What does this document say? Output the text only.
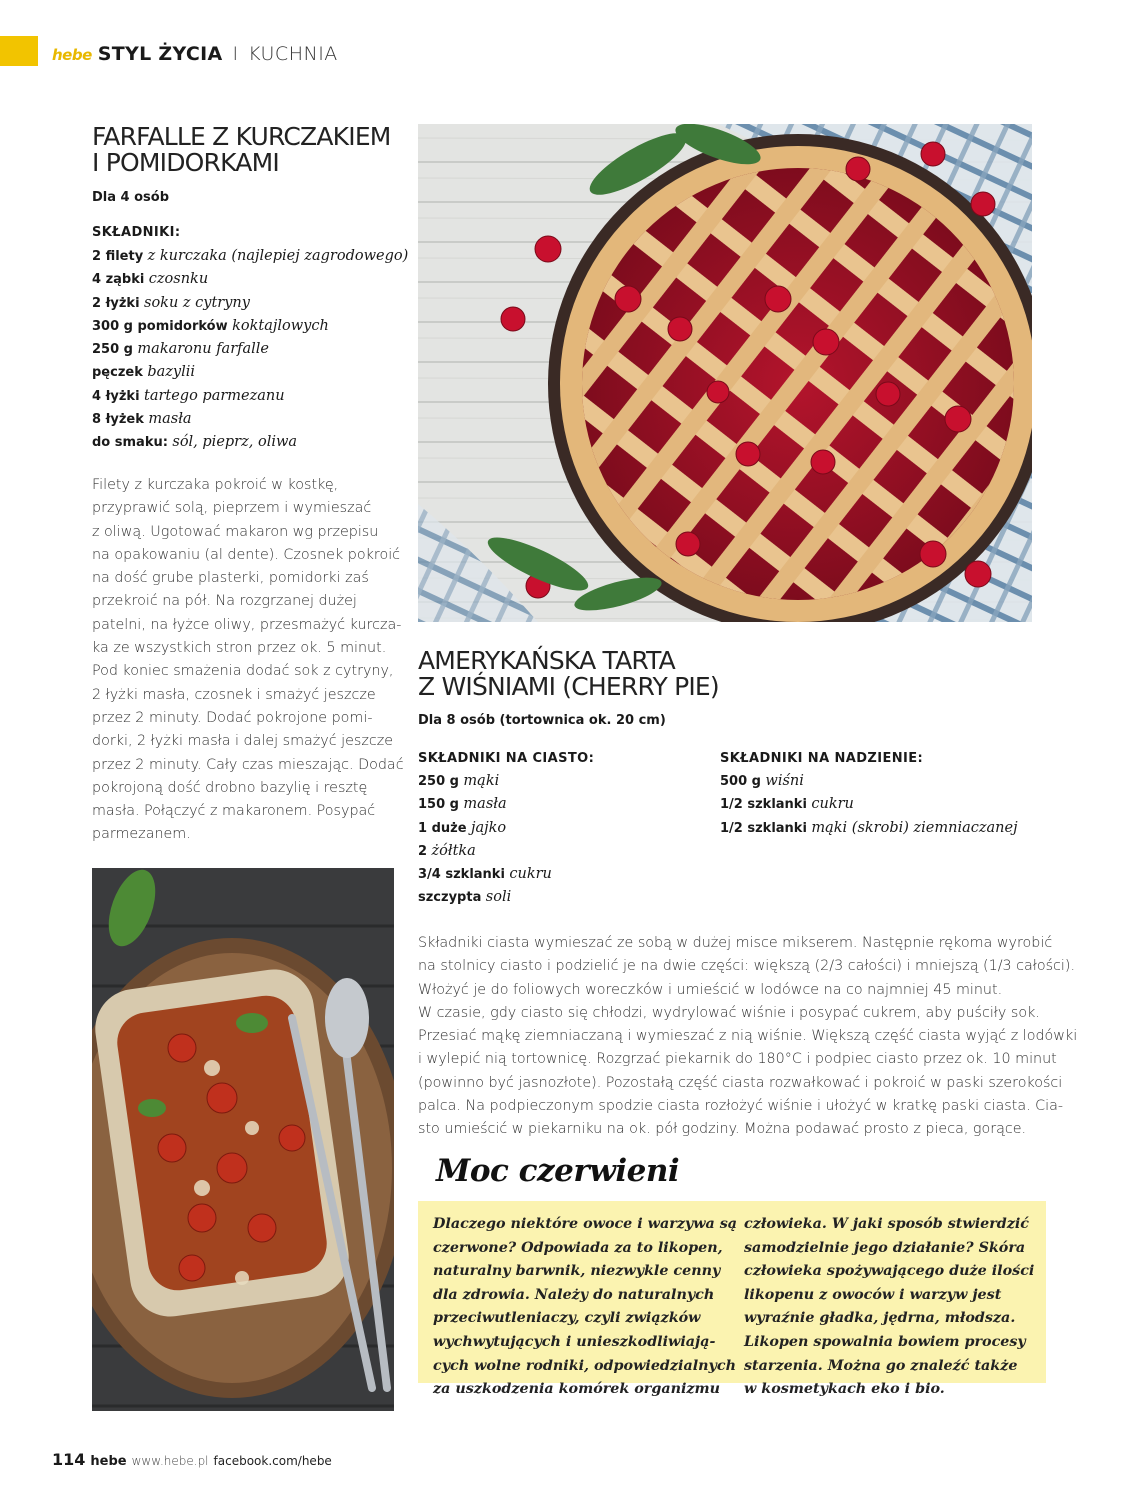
hebe STYL ŻYCIA I KUCHNIA
FARFALLE Z KURCZAKIEM
I POMIDORKAMI
Dla 4 osób
SKŁADNIKI:
2 filety z kurczaka (najlepiej zagrodowego)
4 ząbki czosnku
2 łyżki soku z cytryny
300 g pomidorków koktajlowych
250 g makaronu farfalle
pęczek bazylii
4 łyżki tartego parmezanu
8 łyżek masła
do smaku: sól, pieprz, oliwa
Filety z kurczaka pokroić w kostkę,
przyprawić solą, pieprzem i wymieszać
z oliwą. Ugotować makaron wg przepisu
na opakowaniu (al dente). Czosnek pokroić
na dość grube plasterki, pomidorki zaś
przekroić na pół. Na rozgrzanej dużej
patelni, na łyżce oliwy, przesmażyć kurcza-
ka ze wszystkich stron przez ok. 5 minut.
Pod koniec smażenia dodać sok z cytryny,
2 łyżki masła, czosnek i smażyć jeszcze
przez 2 minuty. Dodać pokrojone pomi-
dorki, 2 łyżki masła i dalej smażyć jeszcze
przez 2 minuty. Cały czas mieszając. Dodać
pokrojoną dość drobno bazylię i resztę
masła. Połączyć z makaronem. Posypać
parmezanem.
AMERYKAŃSKA TARTA
Z WIŚNIAMI (CHERRY PIE)
Dla 8 osób (tortownica ok. 20 cm)
SKŁADNIKI NA CIASTO:
250 g mąki
150 g masła
1 duże jajko
2 żółtka
3/4 szklanki cukru
szczypta soli
SKŁADNIKI NA NADZIENIE:
500 g wiśni
1/2 szklanki cukru
1/2 szklanki mąki (skrobi) ziemniaczanej
Składniki ciasta wymieszać ze sobą w dużej misce mikserem. Następnie rękoma wyrobić
na stolnicy ciasto i podzielić je na dwie części: większą (2/3 całości) i mniejszą (1/3 całości).
Włożyć je do foliowych woreczków i umieścić w lodówce na co najmniej 45 minut.
W czasie, gdy ciasto się chłodzi, wydrylować wiśnie i posypać cukrem, aby puściły sok.
Przesiać mąkę ziemniaczaną i wymieszać z nią wiśnie. Większą część ciasta wyjąć z lodówki
i wylepić nią tortownicę. Rozgrzać piekarnik do 180°C i podpiec ciasto przez ok. 10 minut
(powinno być jasnozłote). Pozostałą część ciasta rozwałkować i pokroić w paski szerokości
palca. Na podpieczonym spodzie ciasta rozłożyć wiśnie i ułożyć w kratkę paski ciasta. Cia-
sto umieścić w piekarniku na ok. pół godziny. Można podawać prosto z pieca, gorące.
Moc czerwieni
Dlaczego niektóre owoce i warzywa są
czerwone? Odpowiada za to likopen,
naturalny barwnik, niezwykle cenny
dla zdrowia. Należy do naturalnych
przeciwutleniaczy, czyli związków
wychwytujących i unieszkodliwiają-
cych wolne rodniki, odpowiedzialnych
za uszkodzenia komórek organizmu
człowieka. W jaki sposób stwierdzić
samodzielnie jego działanie? Skóra
człowieka spożywającego duże ilości
likopenu z owoców i warzyw jest
wyraźnie gładka, jędrna, młodsza.
Likopen spowalnia bowiem procesy
starzenia. Można go znaleźć także
w kosmetykach eko i bio.
114 hebe www.hebe.pl facebook.com/hebe
